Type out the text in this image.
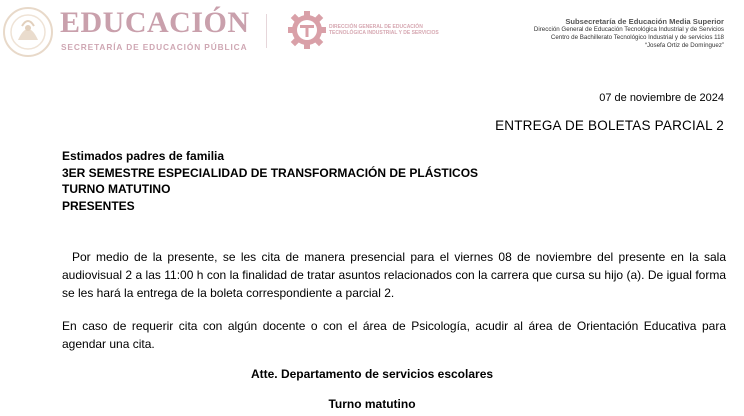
EDUCACIÓN
SECRETARÍA DE EDUCACIÓN PÚBLICA
DIRECCIÓN GENERAL DE EDUCACIÓN TECNOLÓGICA INDUSTRIAL Y DE SERVICIOS
Subsecretaría de Educación Media Superior
Dirección General de Educación Tecnológica Industrial y de Servicios
Centro de Bachillerato Tecnológico Industrial y de servicios 118
“Josefa Ortiz de Domínguez”
07 de noviembre de 2024
ENTREGA DE BOLETAS PARCIAL 2
Estimados padres de familia
3ER SEMESTRE ESPECIALIDAD DE TRANSFORMACIÓN DE PLÁSTICOS
TURNO MATUTINO
PRESENTES
Por medio de la presente, se les cita de manera presencial para el viernes 08 de noviembre del presente en la sala audiovisual 2 a las 11:00 h con la finalidad de tratar asuntos relacionados con la carrera que cursa su hijo (a). De igual forma se les hará la entrega de la boleta correspondiente a parcial 2.
En caso de requerir cita con algún docente o con el área de Psicología, acudir al área de Orientación Educativa para agendar una cita.
Atte. Departamento de servicios escolares
Turno matutino
